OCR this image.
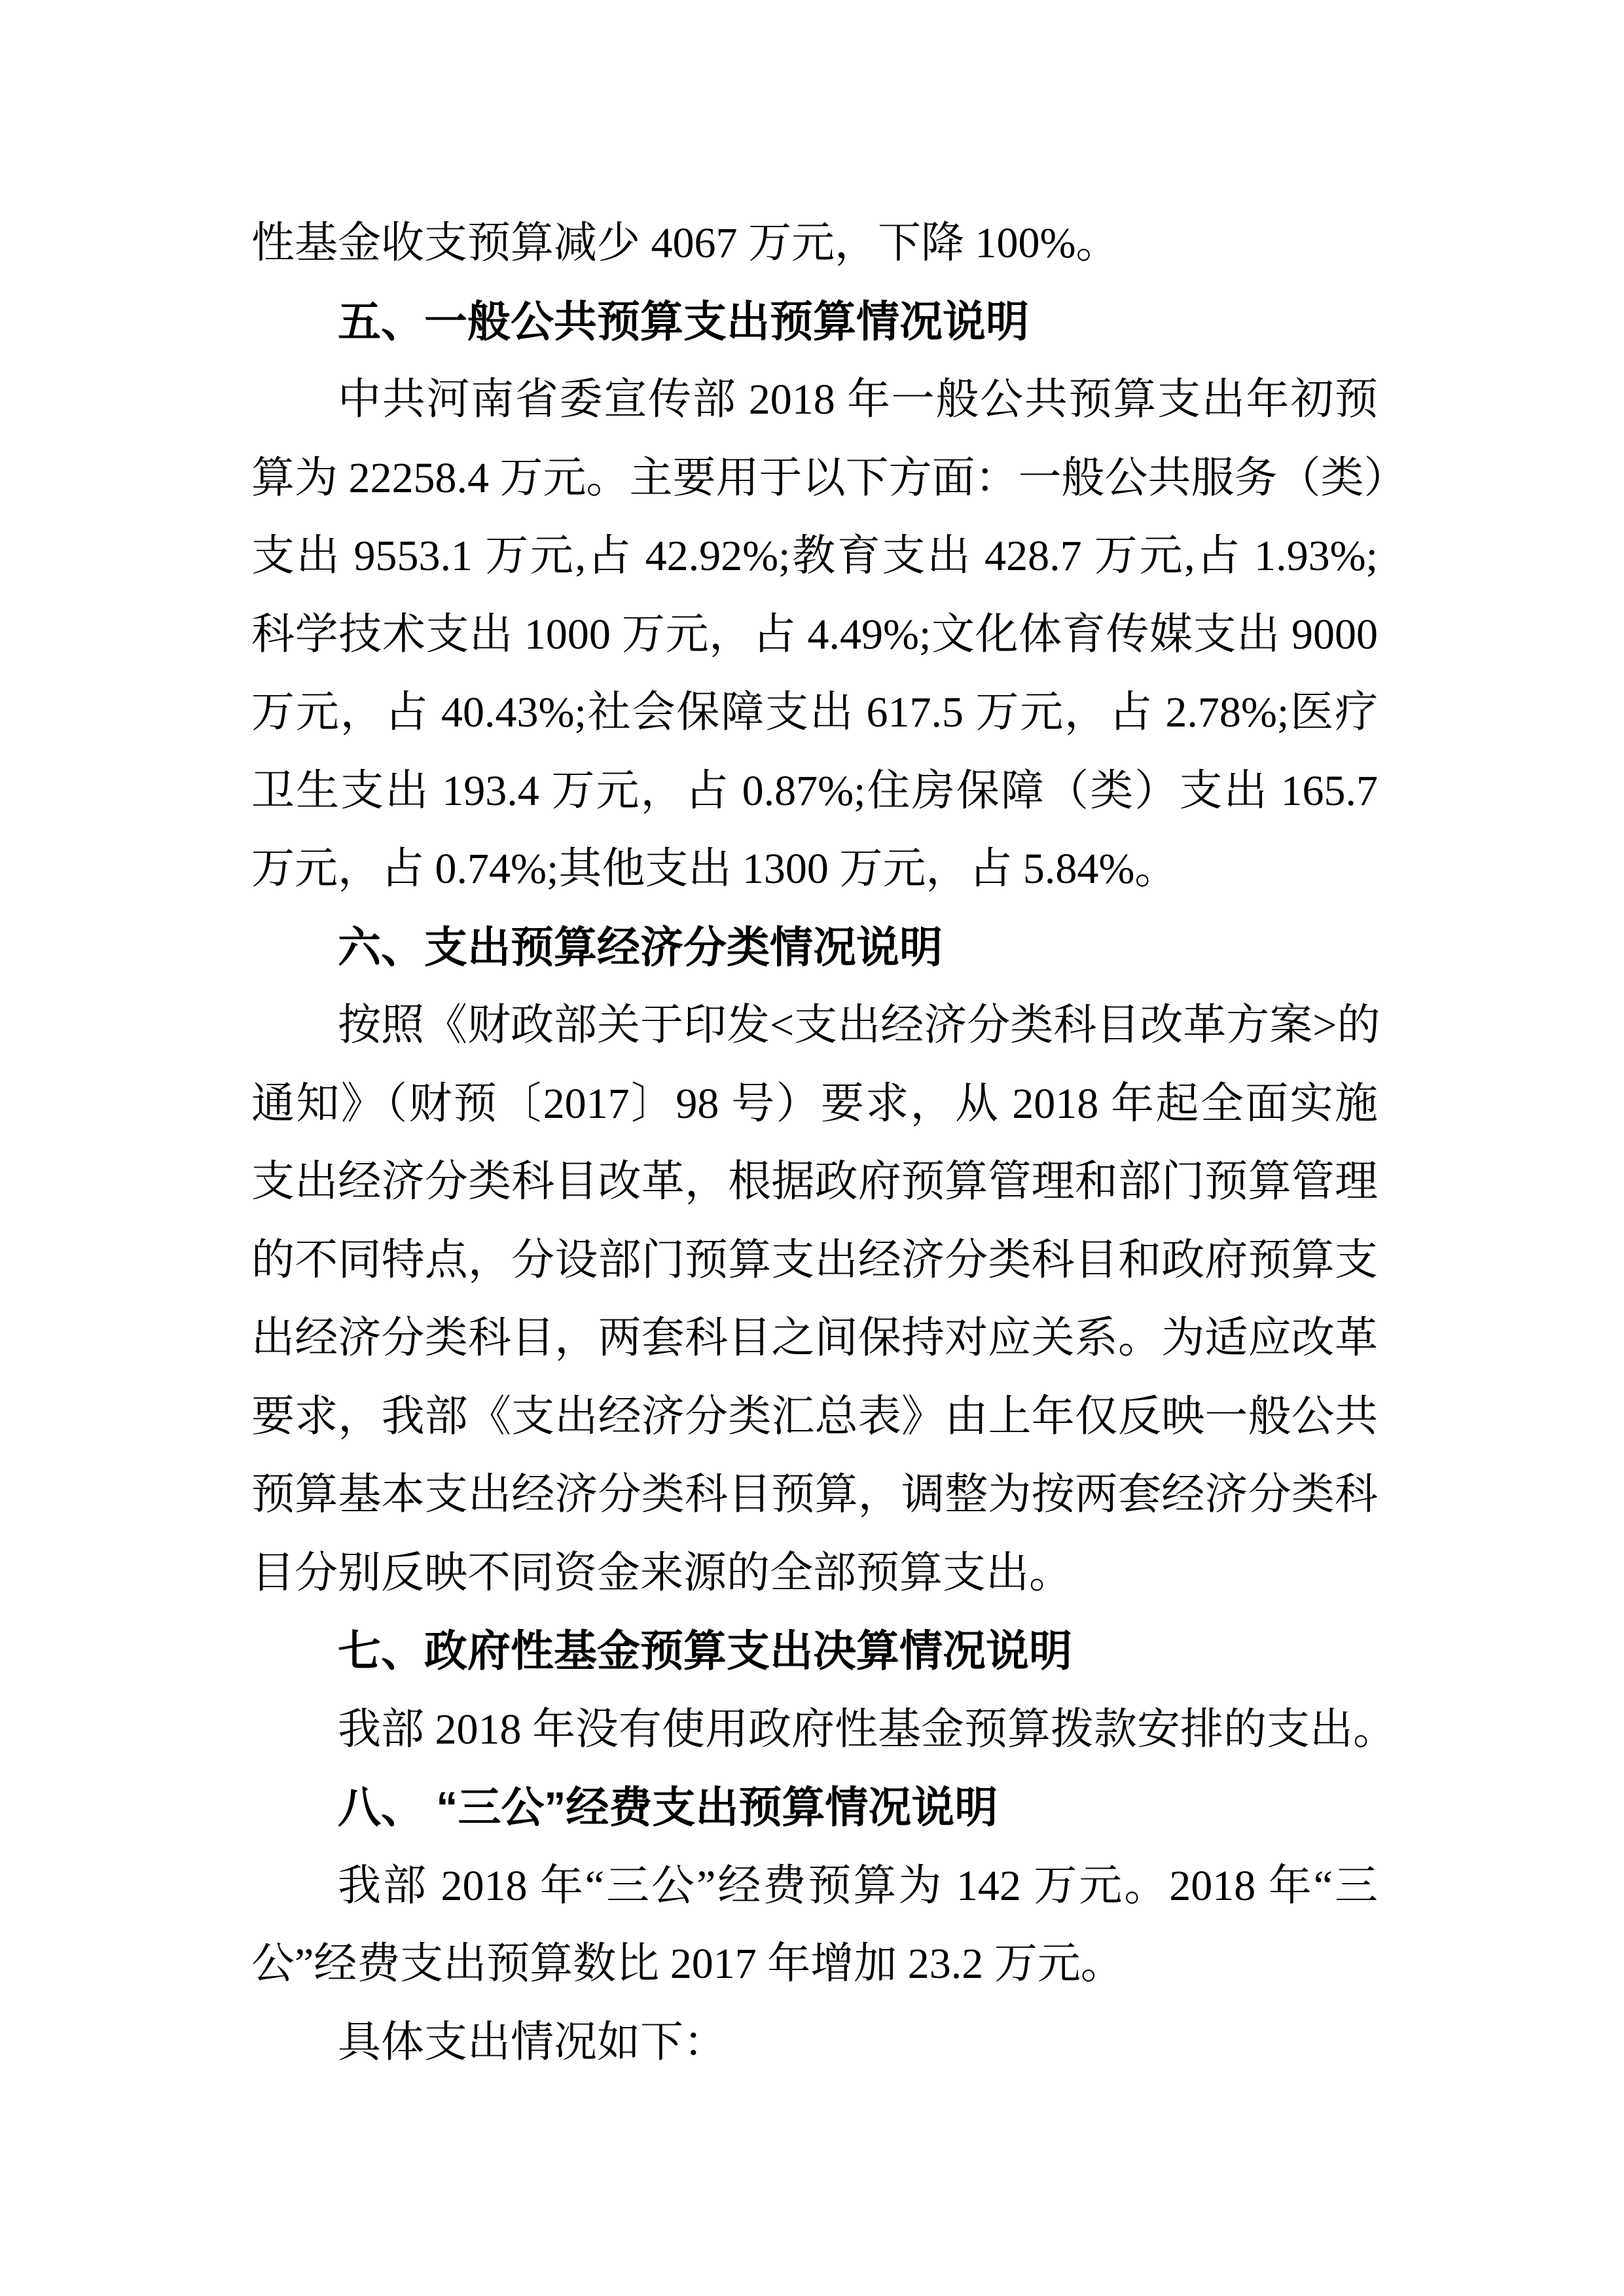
性基金收支预算减少 4067 万元，下降 100%。
五、一般公共预算支出预算情况说明
中共河南省委宣传部 2018 年一般公共预算支出年初预
算为 22258.4 万元。主要用于以下方面：一般公共服务（类）
支出 9553.1 万元,占 42.92%;教育支出 428.7 万元,占 1.93%;
科学技术支出 1000 万元，占 4.49%;文化体育传媒支出 9000
万元，占 40.43%;社会保障支出 617.5 万元，占 2.78%;医疗
卫生支出 193.4 万元，占 0.87%;住房保障（类）支出 165.7
万元，占 0.74%;其他支出 1300 万元，占 5.84%。
六、支出预算经济分类情况说明
按照《财政部关于印发<支出经济分类科目改革方案>的
通知》（财预〔2017〕98 号）要求，从 2018 年起全面实施
支出经济分类科目改革，根据政府预算管理和部门预算管理
的不同特点，分设部门预算支出经济分类科目和政府预算支
出经济分类科目，两套科目之间保持对应关系。为适应改革
要求，我部《支出经济分类汇总表》由上年仅反映一般公共
预算基本支出经济分类科目预算，调整为按两套经济分类科
目分别反映不同资金来源的全部预算支出。
七、政府性基金预算支出决算情况说明
我部 2018 年没有使用政府性基金预算拨款安排的支出。
八、 “三公”经费支出预算情况说明
我部 2018 年“三公”经费预算为 142 万元。2018 年“三
公”经费支出预算数比 2017 年增加 23.2 万元。
具体支出情况如下：
